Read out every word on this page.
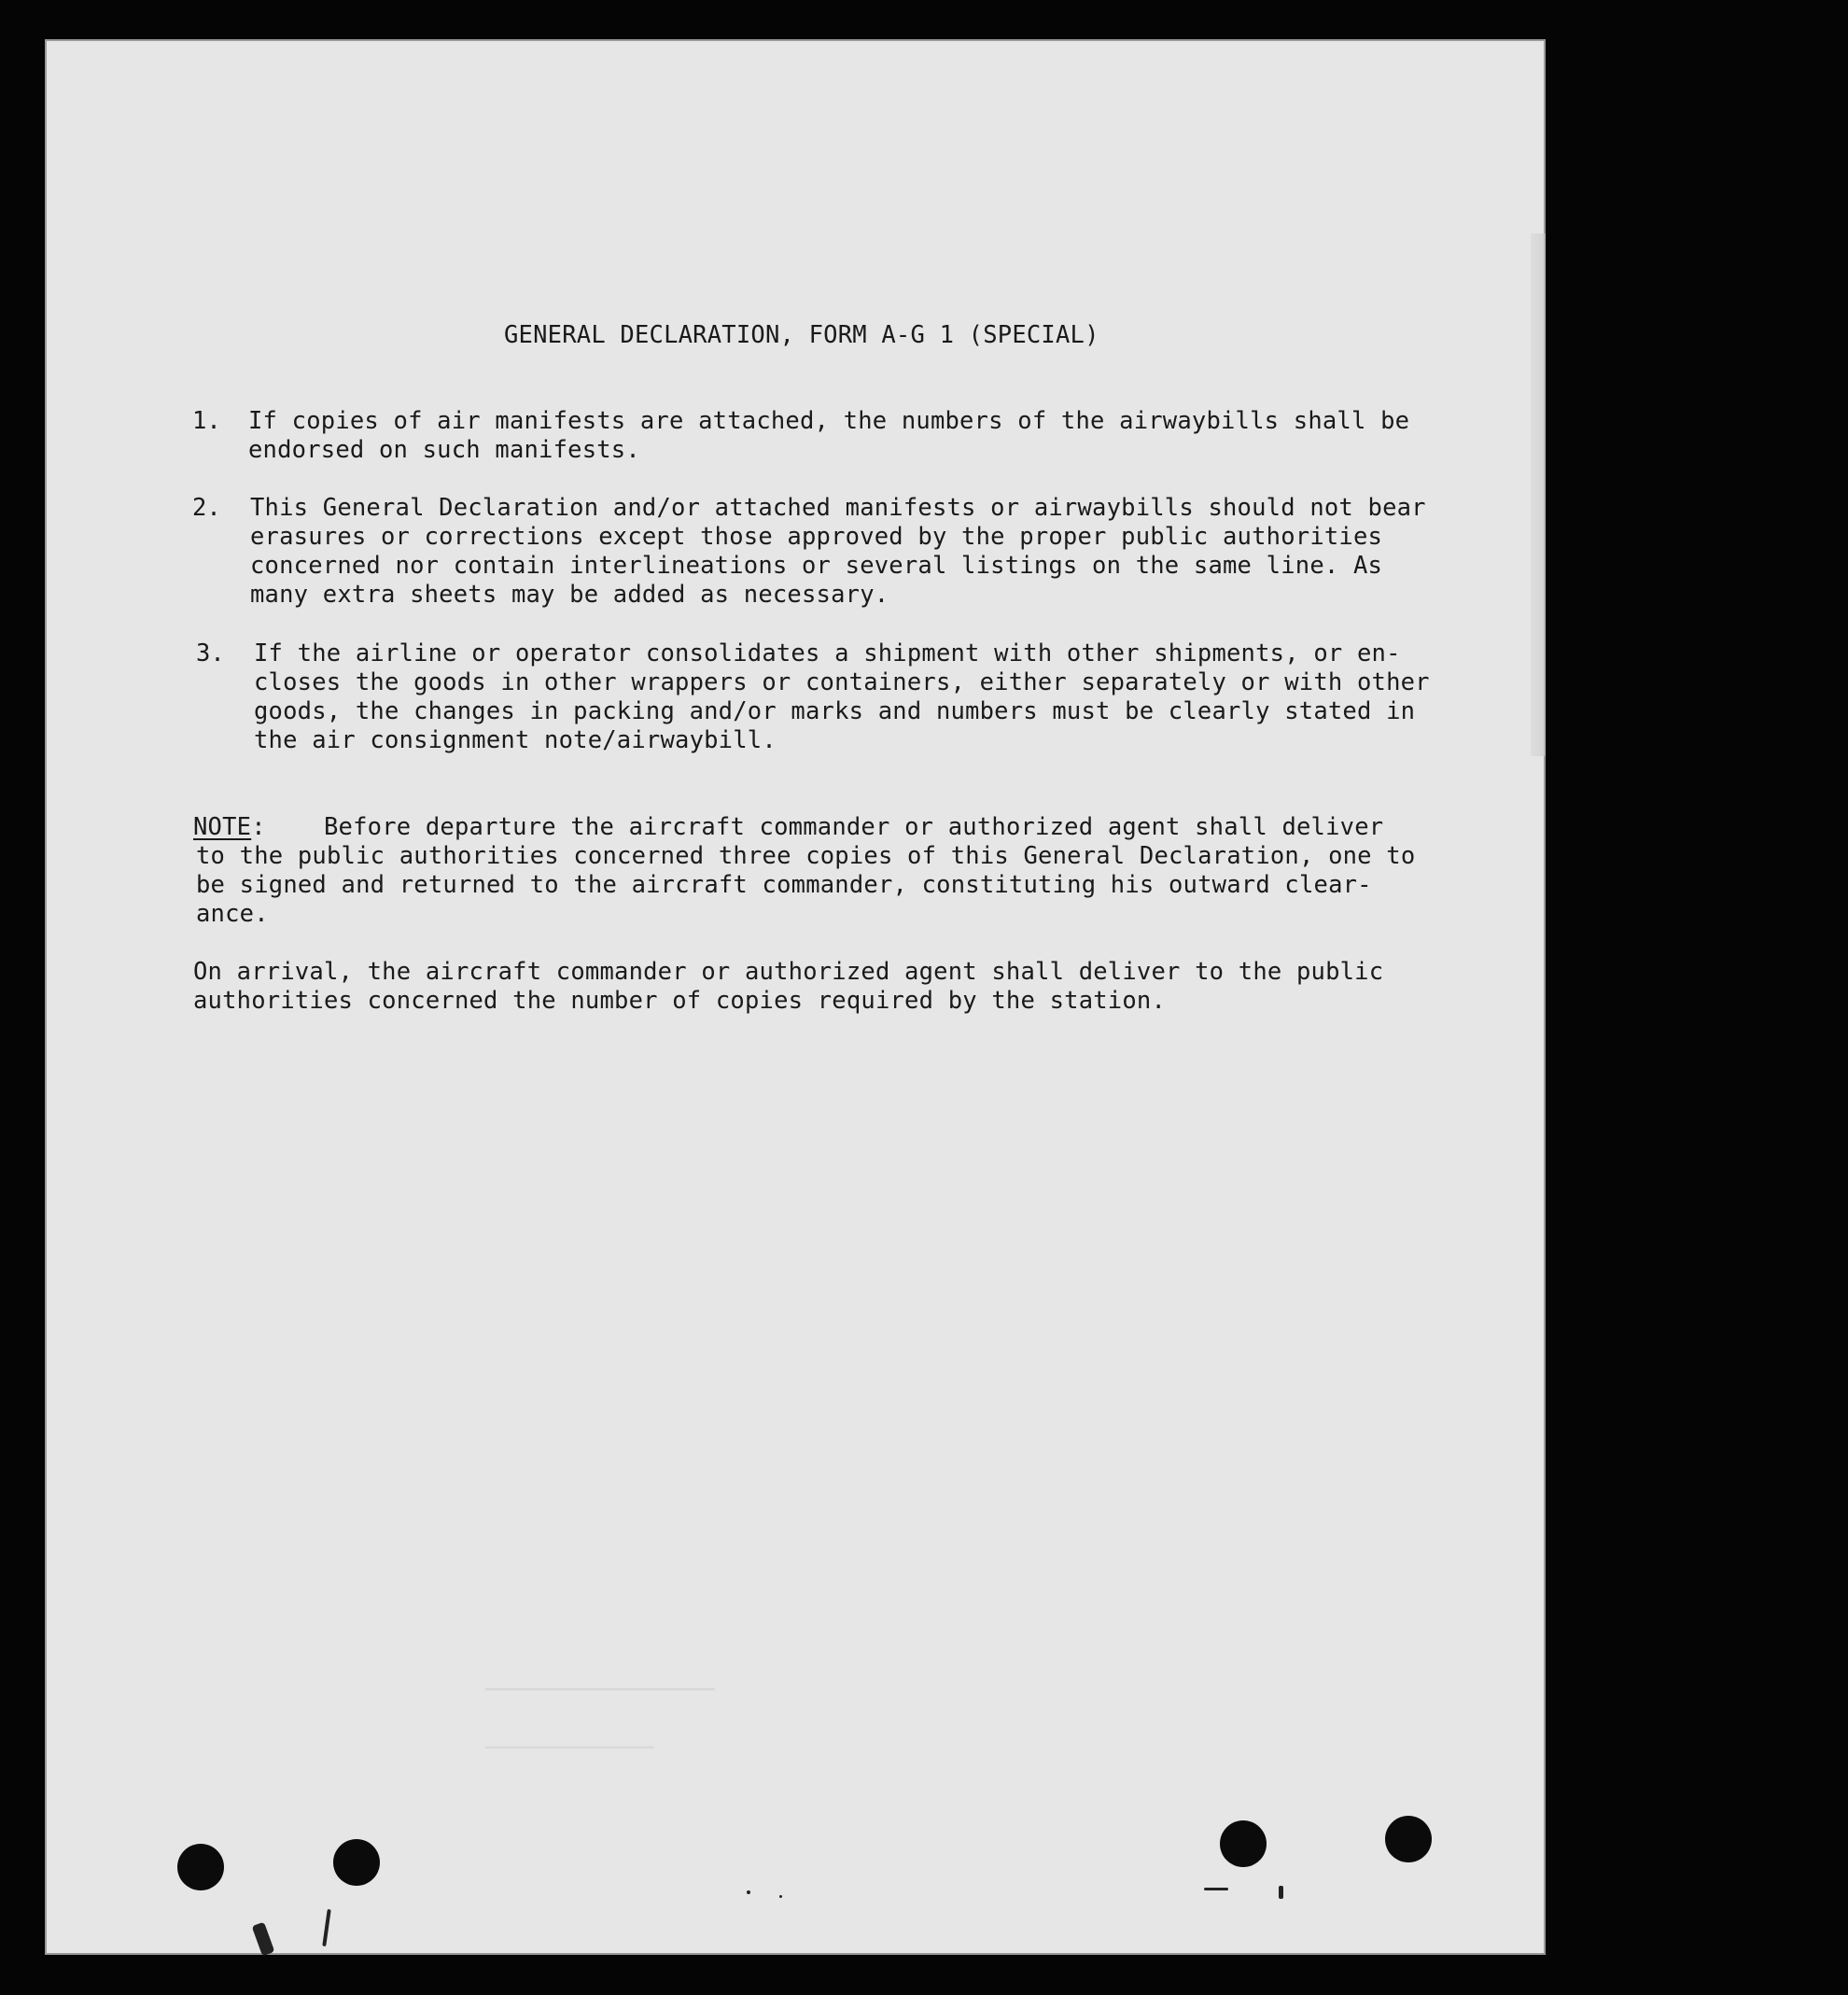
────────────
──────────
GENERAL DECLARATION, FORM A-G 1 (SPECIAL)
1. If copies of air manifests are attached, the numbers of the airwaybills shall be
endorsed on such manifests.
2. This General Declaration and/or attached manifests or airwaybills should not bear
erasures or corrections except those approved by the proper public authorities
concerned nor contain interlineations or several listings on the same line. As
many extra sheets may be added as necessary.
3. If the airline or operator consolidates a shipment with other shipments, or en-
closes the goods in other wrappers or containers, either separately or with other
goods, the changes in packing and/or marks and numbers must be clearly stated in
the air consignment note/airwaybill.
NOTE:    Before departure the aircraft commander or authorized agent shall deliver
to the public authorities concerned three copies of this General Declaration, one to
be signed and returned to the aircraft commander, constituting his outward clear-
ance.
On arrival, the aircraft commander or authorized agent shall deliver to the public
authorities concerned the number of copies required by the station.
